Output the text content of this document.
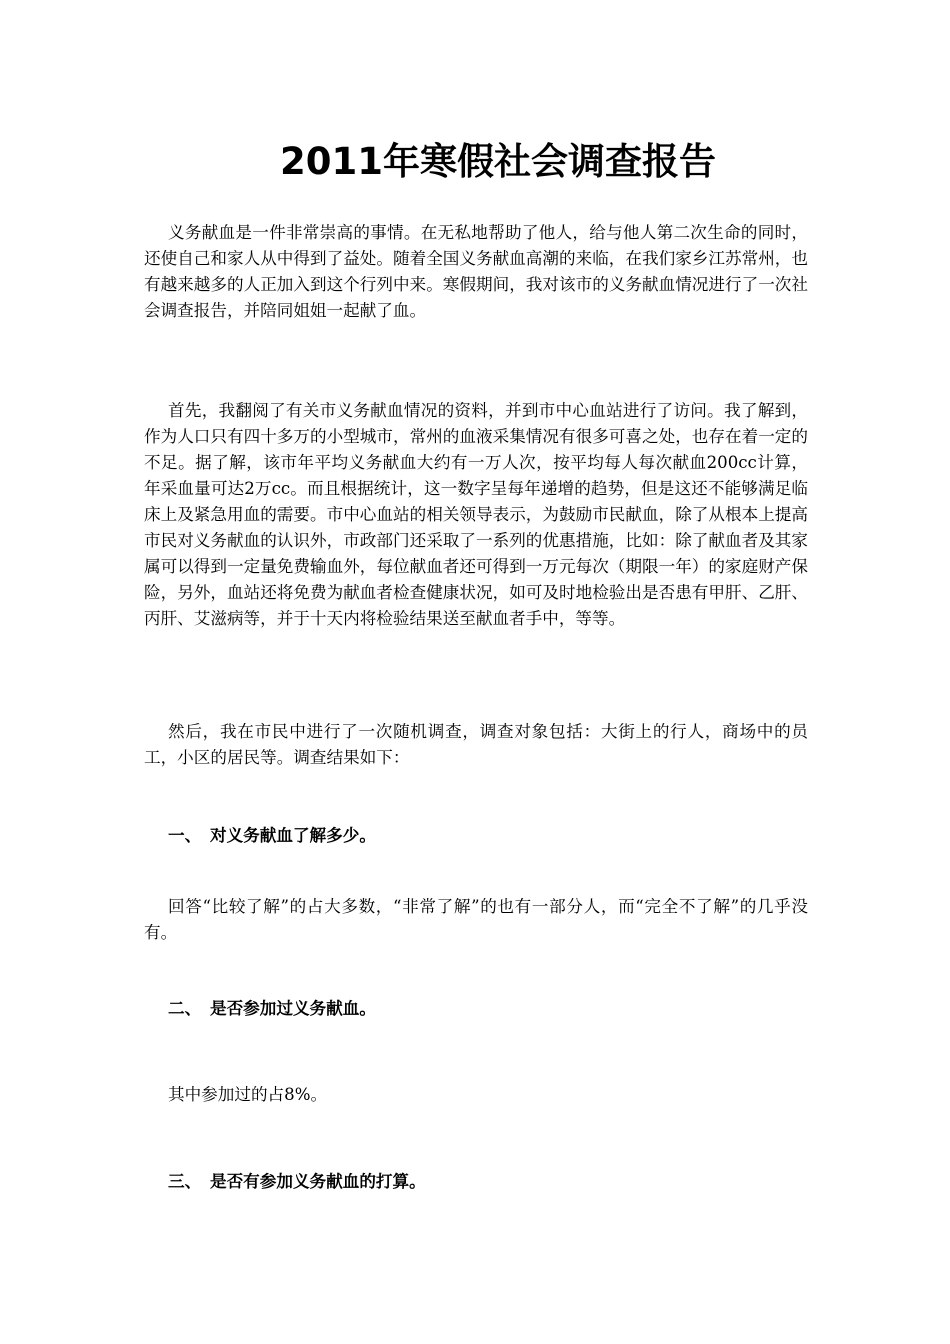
2011年寒假社会调查报告

义务献血是一件非常崇高的事情。在无私地帮助了他人，给与他人第二次生命的同时，还使自己和家人从中得到了益处。随着全国义务献血高潮的来临，在我们家乡江苏常州，也有越来越多的人正加入到这个行列中来。寒假期间，我对该市的义务献血情况进行了一次社会调查报告，并陪同姐姐一起献了血。

首先，我翻阅了有关市义务献血情况的资料，并到市中心血站进行了访问。我了解到，作为人口只有四十多万的小型城市，常州的血液采集情况有很多可喜之处，也存在着一定的不足。据了解，该市年平均义务献血大约有一万人次，按平均每人每次献血200cc计算，年采血量可达2万cc。而且根据统计，这一数字呈每年递增的趋势，但是这还不能够满足临床上及紧急用血的需要。市中心血站的相关领导表示，为鼓励市民献血，除了从根本上提高市民对义务献血的认识外，市政部门还采取了一系列的优惠措施，比如：除了献血者及其家属可以得到一定量免费输血外，每位献血者还可得到一万元每次（期限一年）的家庭财产保险，另外，血站还将免费为献血者检查健康状况，如可及时地检验出是否患有甲肝、乙肝、丙肝、艾滋病等，并于十天内将检验结果送至献血者手中，等等。

然后，我在市民中进行了一次随机调查，调查对象包括：大街上的行人，商场中的员工，小区的居民等。调查结果如下：

一、 对义务献血了解多少。

回答“比较了解”的占大多数，“非常了解”的也有一部分人，而“完全不了解”的几乎没有。

二、 是否参加过义务献血。

其中参加过的占8%。

三、 是否有参加义务献血的打算。
